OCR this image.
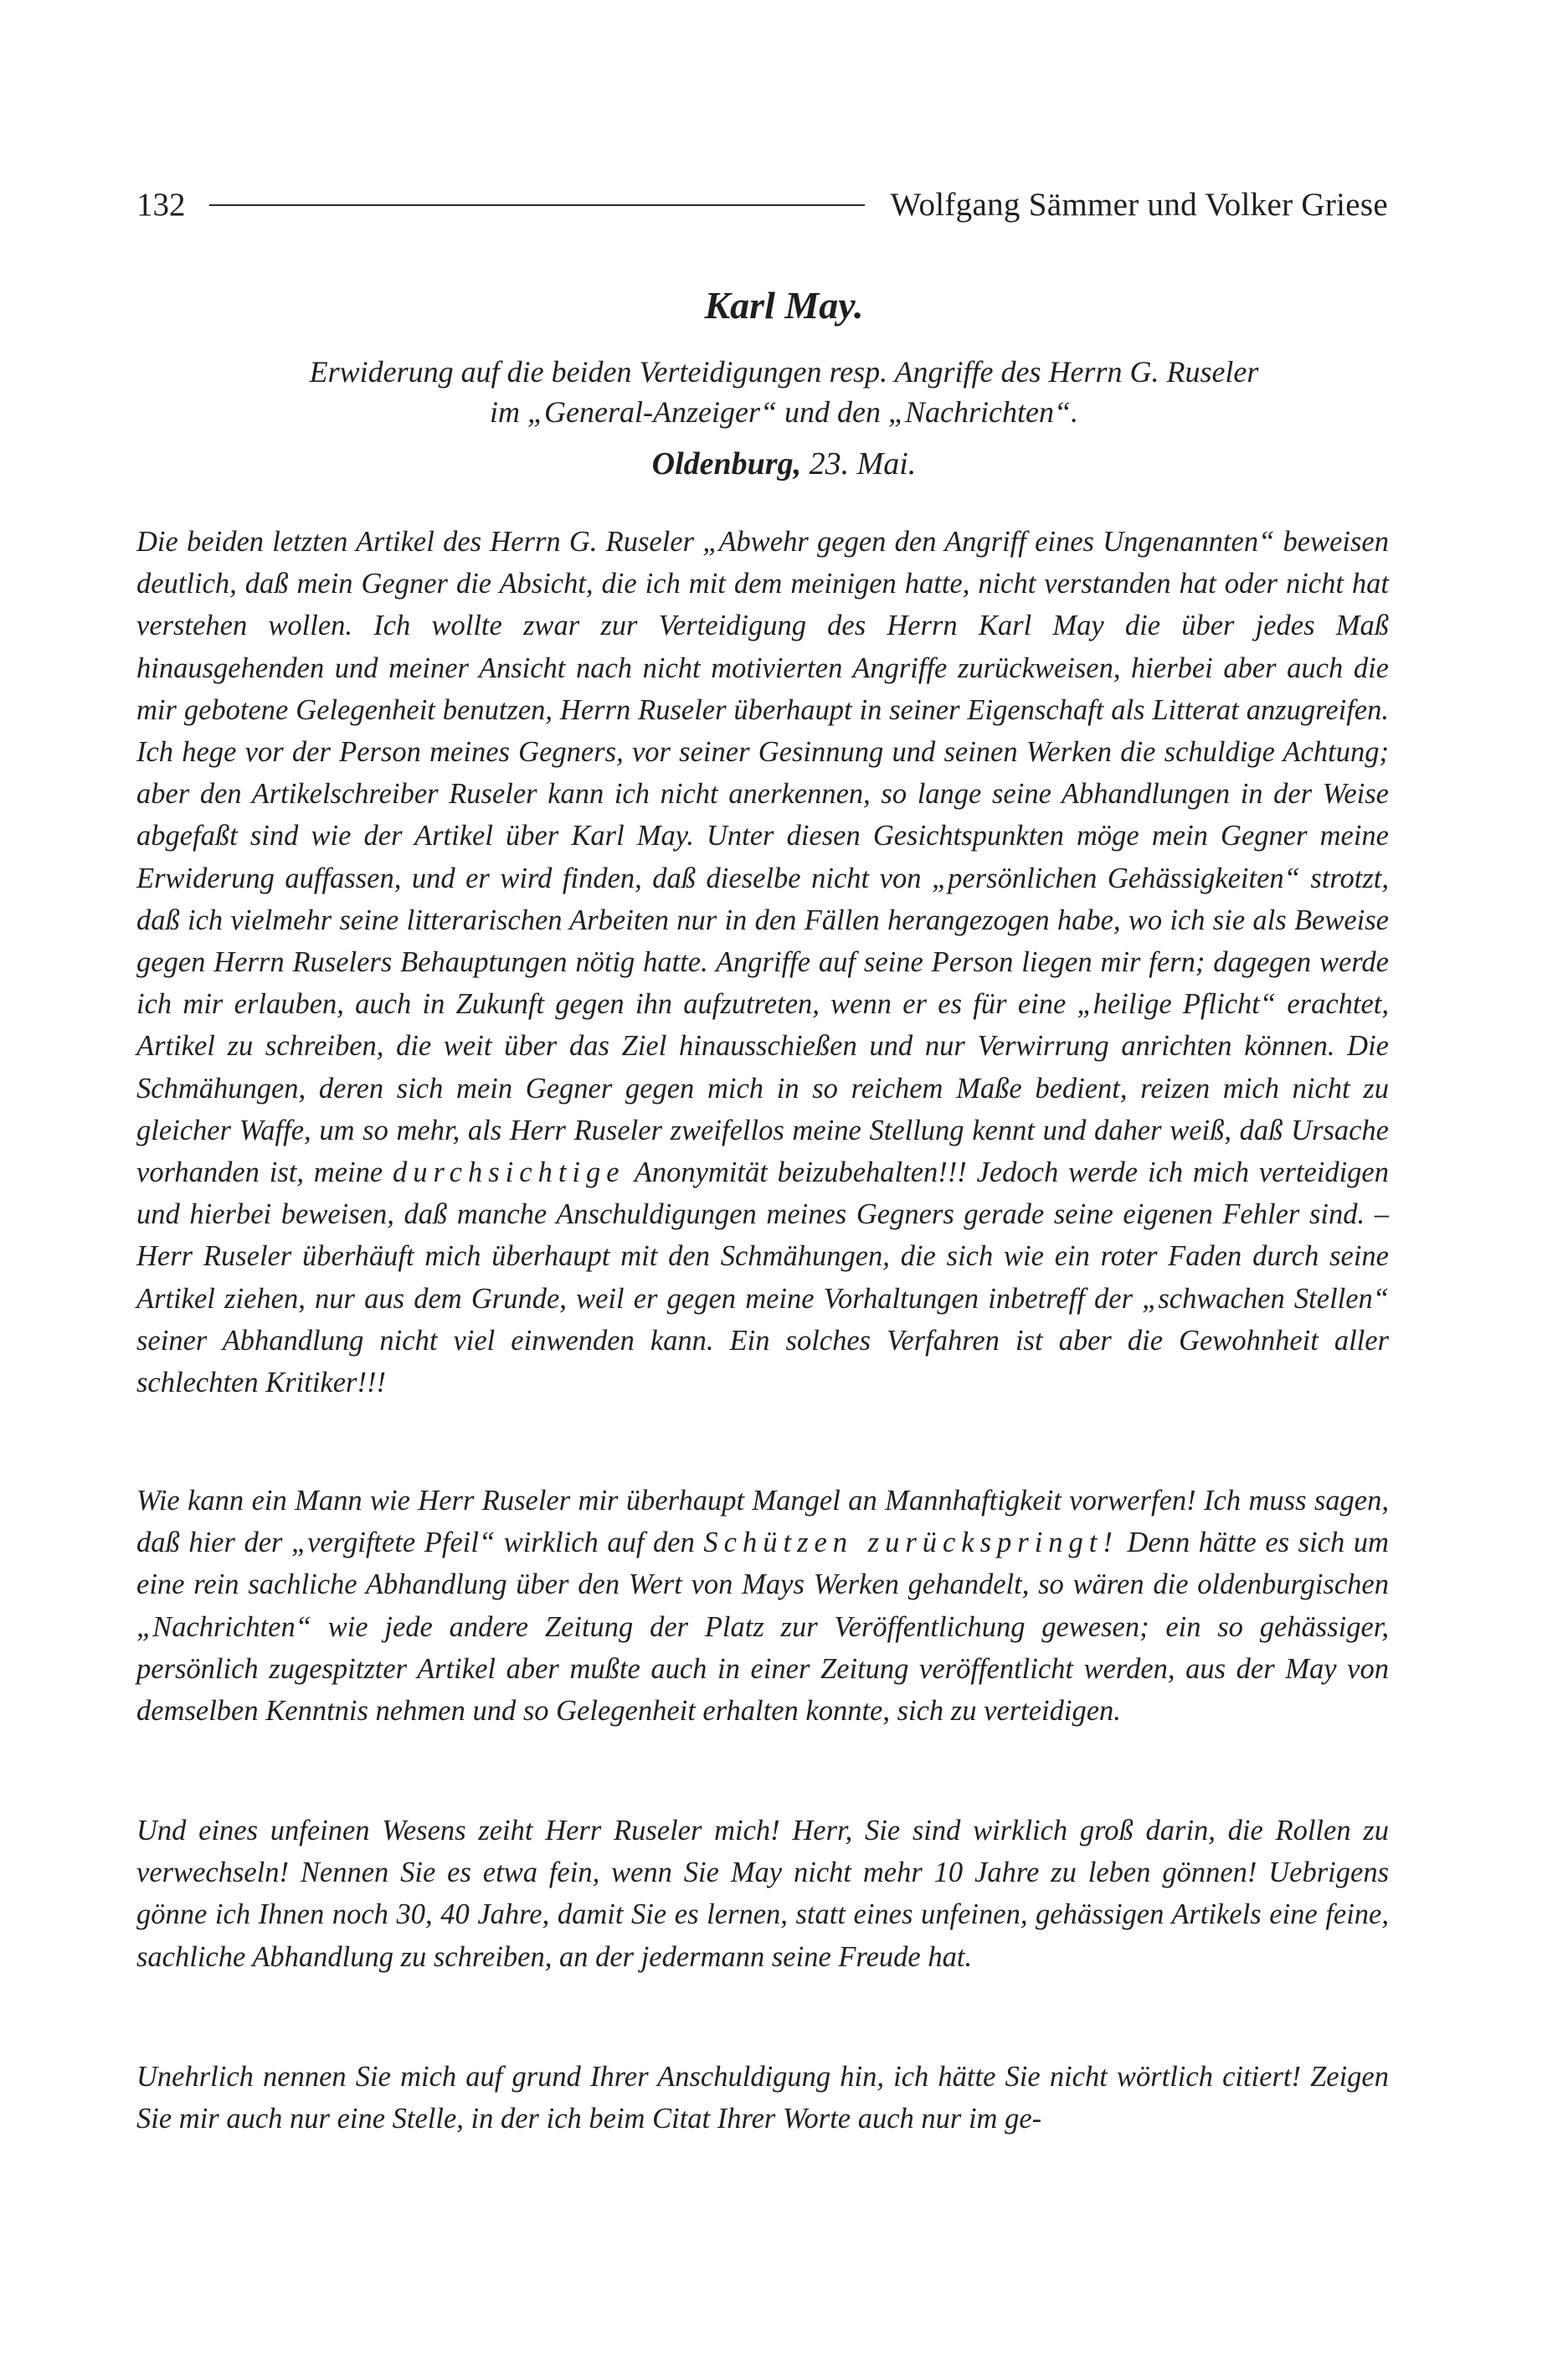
132	Wolfgang Sämmer und Volker Griese
Karl May.
Erwiderung auf die beiden Verteidigungen resp. Angriffe des Herrn G. Ruseler
im „General-Anzeiger“ und den „Nachrichten“.
Oldenburg, 23. Mai.

Die beiden letzten Artikel des Herrn G. Ruseler „Abwehr gegen den Angriff eines Ungenannten“ beweisen deutlich, daß mein Gegner die Absicht, die ich mit dem meinigen hatte, nicht verstanden hat oder nicht hat verstehen wollen. Ich wollte zwar zur Verteidigung des Herrn Karl May die über jedes Maß hinausgehenden und meiner Ansicht nach nicht motivierten Angriffe zurückweisen, hierbei aber auch die mir gebotene Gelegenheit benutzen, Herrn Ruseler überhaupt in seiner Eigenschaft als Litterat anzugreifen. Ich hege vor der Person meines Gegners, vor seiner Gesinnung und seinen Werken die schuldige Achtung; aber den Artikelschreiber Ruseler kann ich nicht anerkennen, so lange seine Abhandlungen in der Weise abgefaßt sind wie der Artikel über Karl May. Unter diesen Gesichtspunkten möge mein Gegner meine Erwiderung auffassen, und er wird finden, daß dieselbe nicht von „persönlichen Gehässigkeiten“ strotzt, daß ich vielmehr seine litterarischen Arbeiten nur in den Fällen herangezogen habe, wo ich sie als Beweise gegen Herrn Ruselers Behauptungen nötig hatte. Angriffe auf seine Person liegen mir fern; dagegen werde ich mir erlauben, auch in Zukunft gegen ihn aufzutreten, wenn er es für eine „heilige Pflicht“ erachtet, Artikel zu schreiben, die weit über das Ziel hinausschießen und nur Verwirrung anrichten können. Die Schmähungen, deren sich mein Gegner gegen mich in so reichem Maße bedient, reizen mich nicht zu gleicher Waffe, um so mehr, als Herr Ruseler zweifellos meine Stellung kennt und daher weiß, daß Ursache vorhanden ist, meine durchsichtige Anonymität beizubehalten!!! Jedoch werde ich mich verteidigen und hierbei beweisen, daß manche Anschuldigungen meines Gegners gerade seine eigenen Fehler sind. – Herr Ruseler überhäuft mich überhaupt mit den Schmähungen, die sich wie ein roter Faden durch seine Artikel ziehen, nur aus dem Grunde, weil er gegen meine Vorhaltungen inbetreff der „schwachen Stellen“ seiner Abhandlung nicht viel einwenden kann. Ein solches Verfahren ist aber die Gewohnheit aller schlechten Kritiker!!!

Wie kann ein Mann wie Herr Ruseler mir überhaupt Mangel an Mannhaftigkeit vorwerfen! Ich muss sagen, daß hier der „vergiftete Pfeil“ wirklich auf den Schützen zurückspringt! Denn hätte es sich um eine rein sachliche Abhandlung über den Wert von Mays Werken gehandelt, so wären die oldenburgischen „Nachrichten“ wie jede andere Zeitung der Platz zur Veröffentlichung gewesen; ein so gehässiger, persönlich zugespitzter Artikel aber mußte auch in einer Zeitung veröffentlicht werden, aus der May von demselben Kenntnis nehmen und so Gelegenheit erhalten konnte, sich zu verteidigen.

Und eines unfeinen Wesens zeiht Herr Ruseler mich! Herr, Sie sind wirklich groß darin, die Rollen zu verwechseln! Nennen Sie es etwa fein, wenn Sie May nicht mehr 10 Jahre zu leben gönnen! Uebrigens gönne ich Ihnen noch 30, 40 Jahre, damit Sie es lernen, statt eines unfeinen, gehässigen Artikels eine feine, sachliche Abhandlung zu schreiben, an der jedermann seine Freude hat.

Unehrlich nennen Sie mich auf grund Ihrer Anschuldigung hin, ich hätte Sie nicht wörtlich citiert! Zeigen Sie mir auch nur eine Stelle, in der ich beim Citat Ihrer Worte auch nur im ge-
